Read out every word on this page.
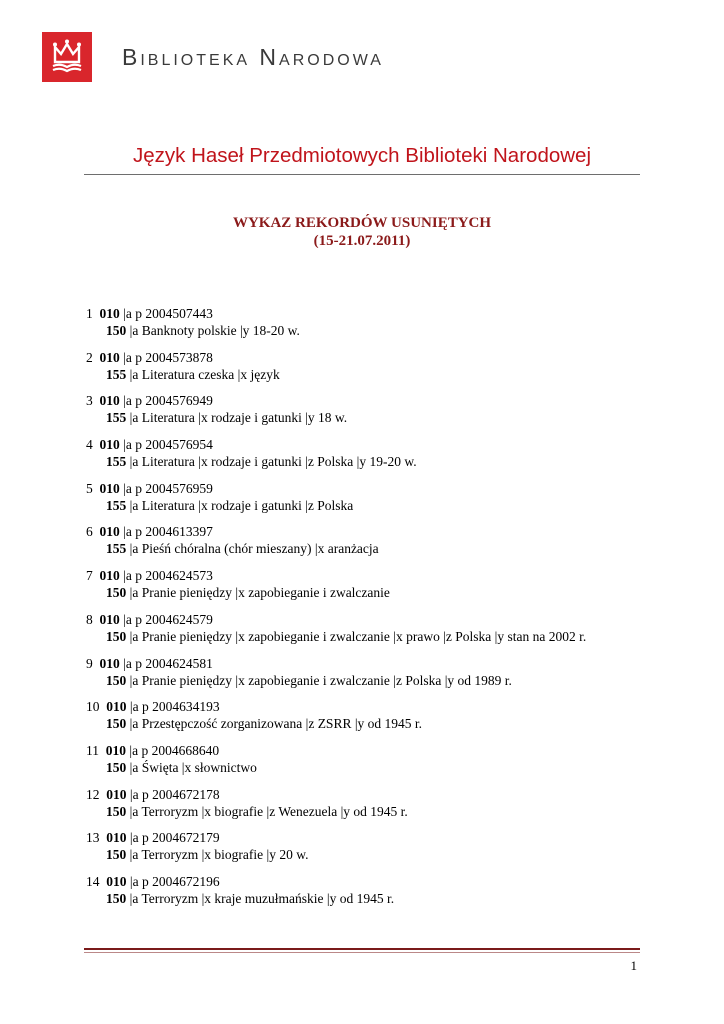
Biblioteka Narodowa
Język Haseł Przedmiotowych Biblioteki Narodowej
WYKAZ REKORDÓW USUNIĘTYCH
(15-21.07.2011)
1 010 |a p 2004507443
150 |a Banknoty polskie |y 18-20 w.
2 010 |a p 2004573878
155 |a Literatura czeska |x język
3 010 |a p 2004576949
155 |a Literatura |x rodzaje i gatunki |y 18 w.
4 010 |a p 2004576954
155 |a Literatura |x rodzaje i gatunki |z Polska |y 19-20 w.
5 010 |a p 2004576959
155 |a Literatura |x rodzaje i gatunki |z Polska
6 010 |a p 2004613397
155 |a Pieśń chóralna (chór mieszany) |x aranżacja
7 010 |a p 2004624573
150 |a Pranie pieniędzy |x zapobieganie i zwalczanie
8 010 |a p 2004624579
150 |a Pranie pieniędzy |x zapobieganie i zwalczanie |x prawo |z Polska |y stan na 2002 r.
9 010 |a p 2004624581
150 |a Pranie pieniędzy |x zapobieganie i zwalczanie |z Polska |y od 1989 r.
10 010 |a p 2004634193
150 |a Przestępczość zorganizowana |z ZSRR |y od 1945 r.
11 010 |a p 2004668640
150 |a Święta |x słownictwo
12 010 |a p 2004672178
150 |a Terroryzm |x biografie |z Wenezuela |y od 1945 r.
13 010 |a p 2004672179
150 |a Terroryzm |x biografie |y 20 w.
14 010 |a p 2004672196
150 |a Terroryzm |x kraje muzułmańskie |y od 1945 r.
1
